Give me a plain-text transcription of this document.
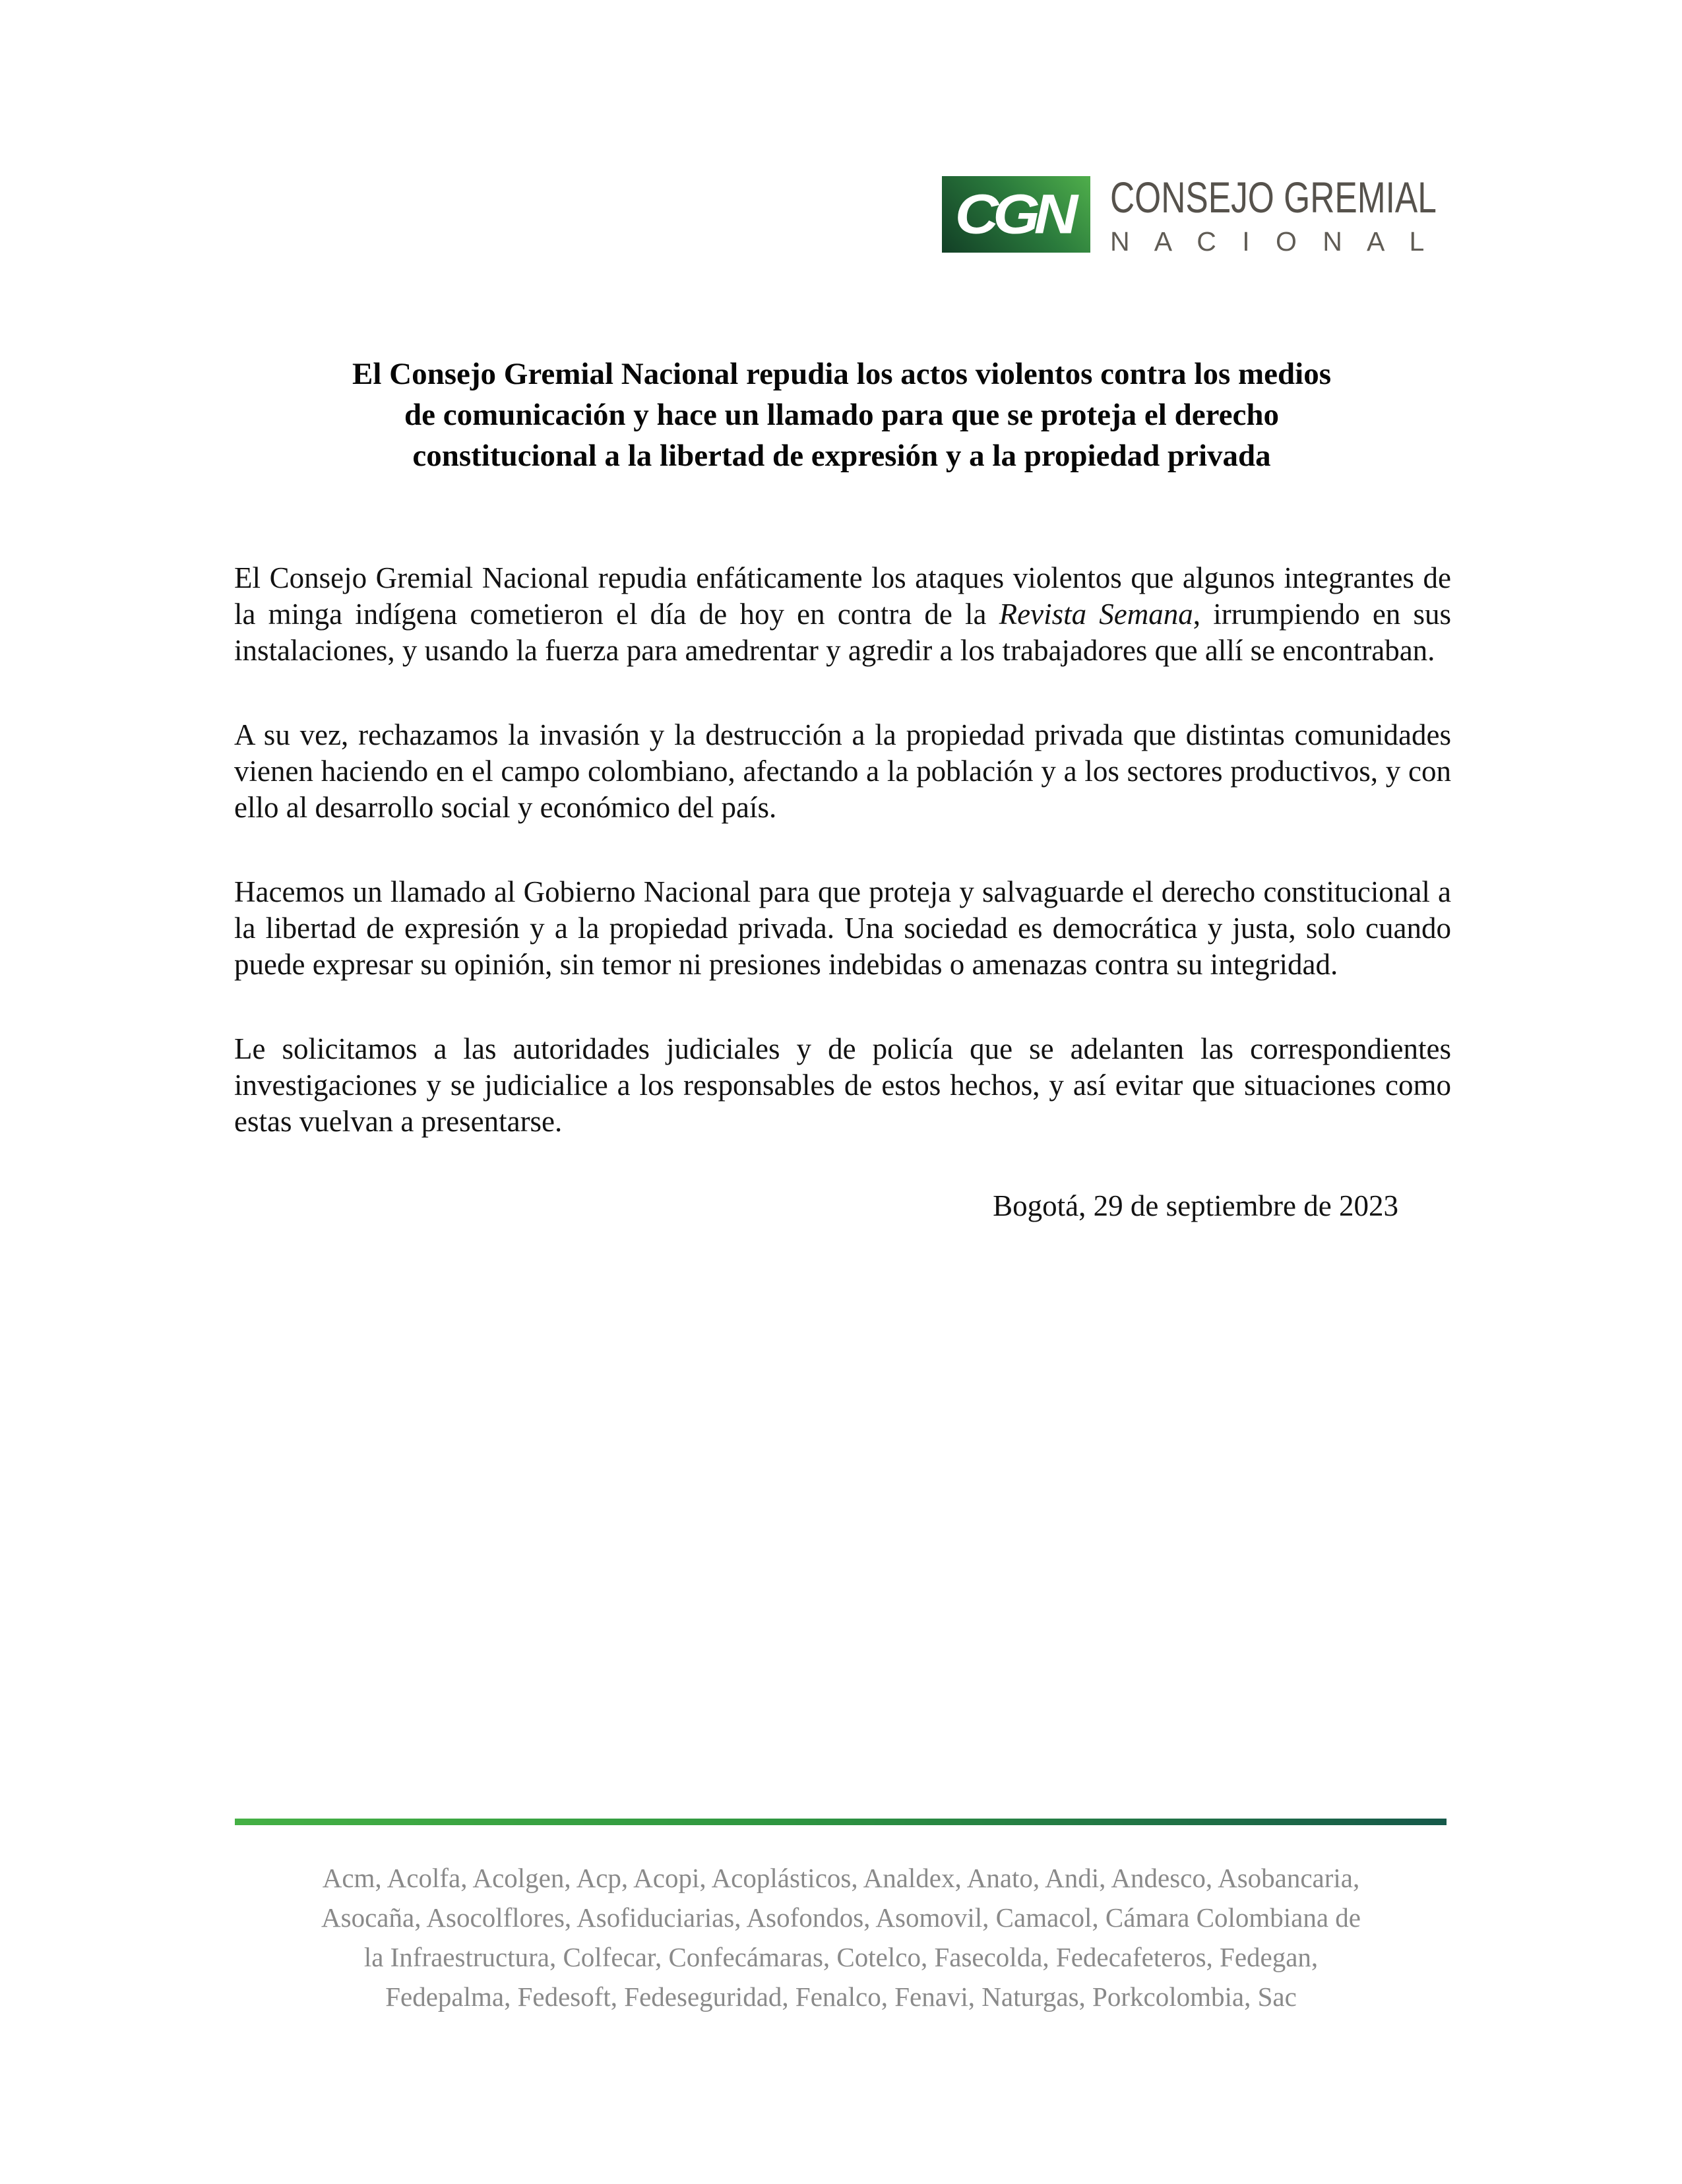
CGN CONSEJO GREMIAL
N A C I O N A L
El Consejo Gremial Nacional repudia los actos violentos contra los medios
de comunicación y hace un llamado para que se proteja el derecho
constitucional a la libertad de expresión y a la propiedad privada

El Consejo Gremial Nacional repudia enfáticamente los ataques violentos que algunos integrantes de la minga indígena cometieron el día de hoy en contra de la Revista Semana, irrumpiendo en sus instalaciones, y usando la fuerza para amedrentar y agredir a los trabajadores que allí se encontraban.

A su vez, rechazamos la invasión y la destrucción a la propiedad privada que distintas comunidades vienen haciendo en el campo colombiano, afectando a la población y a los sectores productivos, y con ello al desarrollo social y económico del país.

Hacemos un llamado al Gobierno Nacional para que proteja y salvaguarde el derecho constitucional a la libertad de expresión y a la propiedad privada. Una sociedad es democrática y justa, solo cuando puede expresar su opinión, sin temor ni presiones indebidas o amenazas contra su integridad.

Le solicitamos a las autoridades judiciales y de policía que se adelanten las correspondientes investigaciones y se judicialice a los responsables de estos hechos, y así evitar que situaciones como estas vuelvan a presentarse.

Bogotá, 29 de septiembre de 2023

Acm, Acolfa, Acolgen, Acp, Acopi, Acoplásticos, Analdex, Anato, Andi, Andesco, Asobancaria,
Asocaña, Asocolflores, Asofiduciarias, Asofondos, Asomovil, Camacol, Cámara Colombiana de
la Infraestructura, Colfecar, Confecámaras, Cotelco, Fasecolda, Fedecafeteros, Fedegan,
Fedepalma, Fedesoft, Fedeseguridad, Fenalco, Fenavi, Naturgas, Porkcolombia, Sac
